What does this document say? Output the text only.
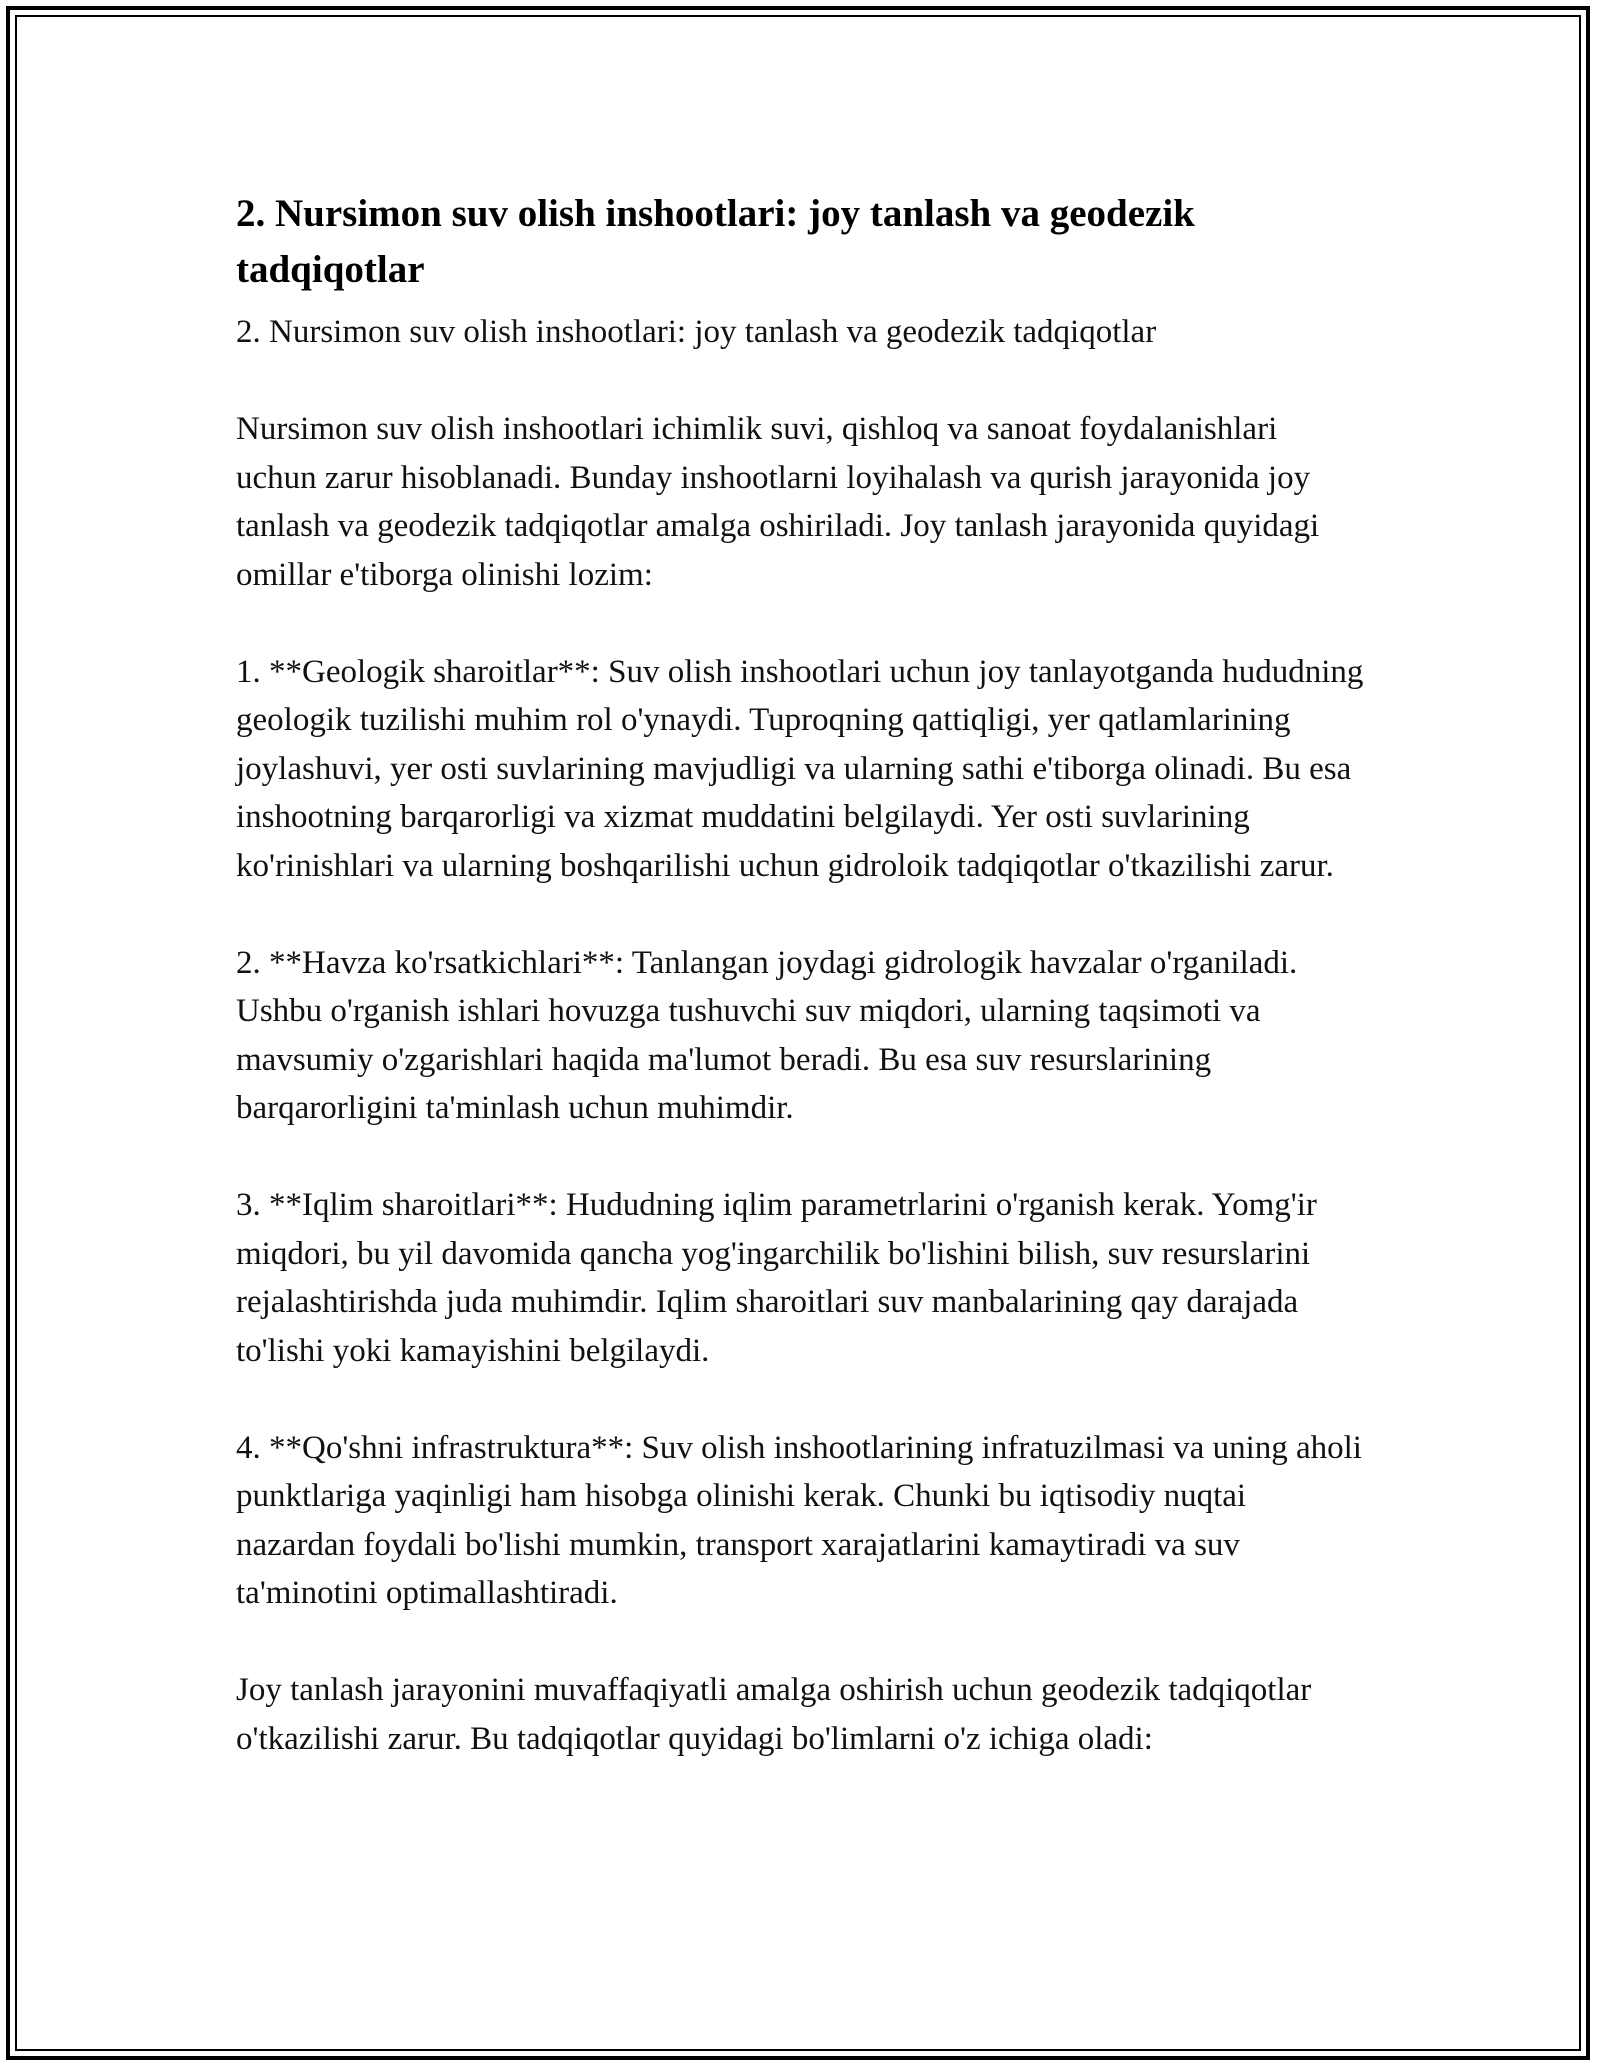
2. Nursimon suv olish inshootlari: joy tanlash va geodezik tadqiqotlar

2. Nursimon suv olish inshootlari: joy tanlash va geodezik tadqiqotlar

Nursimon suv olish inshootlari ichimlik suvi, qishloq va sanoat foydalanishlari uchun zarur hisoblanadi. Bunday inshootlarni loyihalash va qurish jarayonida joy tanlash va geodezik tadqiqotlar amalga oshiriladi. Joy tanlash jarayonida quyidagi omillar e'tiborga olinishi lozim:

1. **Geologik sharoitlar**: Suv olish inshootlari uchun joy tanlayotganda hududning geologik tuzilishi muhim rol o'ynaydi. Tuproqning qattiqligi, yer qatlamlarining joylashuvi, yer osti suvlarining mavjudligi va ularning sathi e'tiborga olinadi. Bu esa inshootning barqarorligi va xizmat muddatini belgilaydi. Yer osti suvlarining ko'rinishlari va ularning boshqarilishi uchun gidroloik tadqiqotlar o'tkazilishi zarur.

2. **Havza ko'rsatkichlari**: Tanlangan joydagi gidrologik havzalar o'rganiladi. Ushbu o'rganish ishlari hovuzga tushuvchi suv miqdori, ularning taqsimoti va mavsumiy o'zgarishlari haqida ma'lumot beradi. Bu esa suv resurslarining barqarorligini ta'minlash uchun muhimdir.

3. **Iqlim sharoitlari**: Hududning iqlim parametrlarini o'rganish kerak. Yomg'ir miqdori, bu yil davomida qancha yog'ingarchilik bo'lishini bilish, suv resurslarini rejalashtirishda juda muhimdir. Iqlim sharoitlari suv manbalarining qay darajada to'lishi yoki kamayishini belgilaydi.

4. **Qo'shni infrastruktura**: Suv olish inshootlarining infratuzilmasi va uning aholi punktlariga yaqinligi ham hisobga olinishi kerak. Chunki bu iqtisodiy nuqtai nazardan foydali bo'lishi mumkin, transport xarajatlarini kamaytiradi va suv ta'minotini optimallashtiradi.

Joy tanlash jarayonini muvaffaqiyatli amalga oshirish uchun geodezik tadqiqotlar o'tkazilishi zarur. Bu tadqiqotlar quyidagi bo'limlarni o'z ichiga oladi:
